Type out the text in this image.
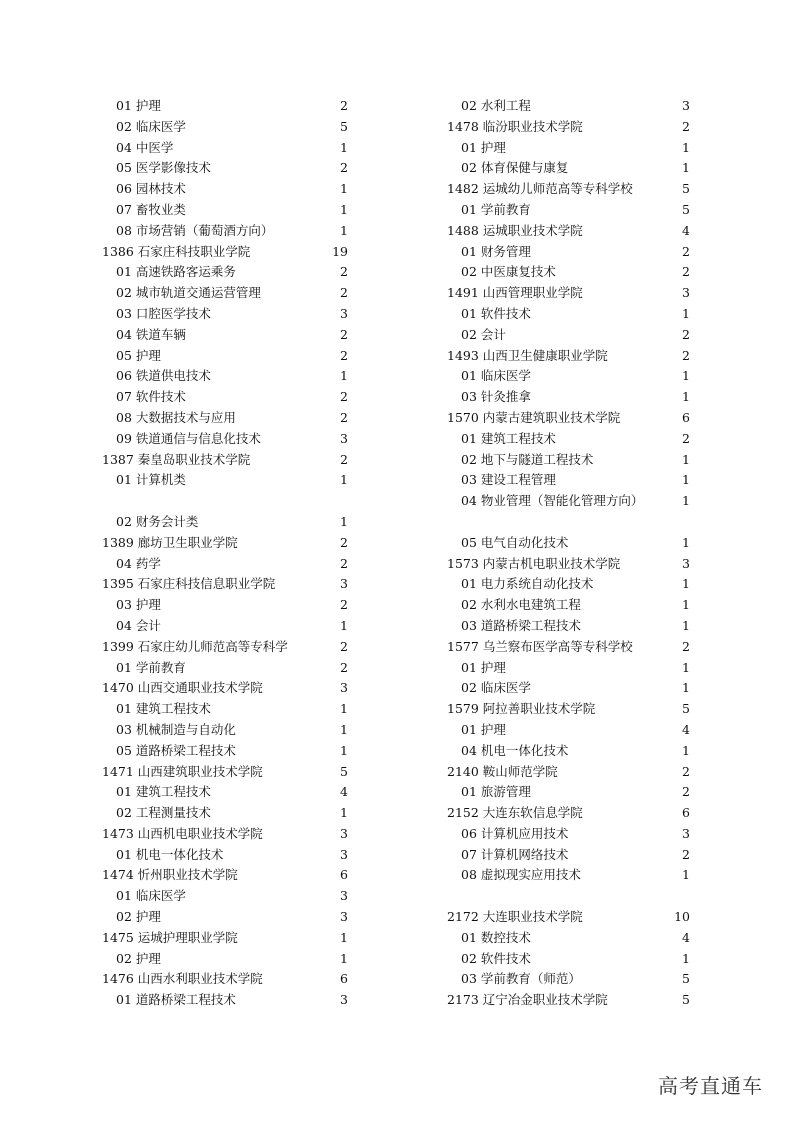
01 护理	2
02 临床医学	5
04 中医学	1
05 医学影像技术	2
06 园林技术	1
07 畜牧业类	1
08 市场营销（葡萄酒方向）	1
1386 石家庄科技职业学院	19
01 高速铁路客运乘务	2
02 城市轨道交通运营管理	2
03 口腔医学技术	3
04 铁道车辆	2
05 护理	2
06 铁道供电技术	1
07 软件技术	2
08 大数据技术与应用	2
09 铁道通信与信息化技术	3
1387 秦皇岛职业技术学院	2
01 计算机类	1
02 财务会计类	1
1389 廊坊卫生职业学院	2
04 药学	2
1395 石家庄科技信息职业学院	3
03 护理	2
04 会计	1
1399 石家庄幼儿师范高等专科学	2
01 学前教育	2
1470 山西交通职业技术学院	3
01 建筑工程技术	1
03 机械制造与自动化	1
05 道路桥梁工程技术	1
1471 山西建筑职业技术学院	5
01 建筑工程技术	4
02 工程测量技术	1
1473 山西机电职业技术学院	3
01 机电一体化技术	3
1474 忻州职业技术学院	6
01 临床医学	3
02 护理	3
1475 运城护理职业学院	1
02 护理	1
1476 山西水利职业技术学院	6
01 道路桥梁工程技术	3
02 水利工程	3
1478 临汾职业技术学院	2
01 护理	1
02 体育保健与康复	1
1482 运城幼儿师范高等专科学校	5
01 学前教育	5
1488 运城职业技术学院	4
01 财务管理	2
02 中医康复技术	2
1491 山西管理职业学院	3
01 软件技术	1
02 会计	2
1493 山西卫生健康职业学院	2
01 临床医学	1
03 针灸推拿	1
1570 内蒙古建筑职业技术学院	6
01 建筑工程技术	2
02 地下与隧道工程技术	1
03 建设工程管理	1
04 物业管理（智能化管理方向）	1
05 电气自动化技术	1
1573 内蒙古机电职业技术学院	3
01 电力系统自动化技术	1
02 水利水电建筑工程	1
03 道路桥梁工程技术	1
1577 乌兰察布医学高等专科学校	2
01 护理	1
02 临床医学	1
1579 阿拉善职业技术学院	5
01 护理	4
04 机电一体化技术	1
2140 鞍山师范学院	2
01 旅游管理	2
2152 大连东软信息学院	6
06 计算机应用技术	3
07 计算机网络技术	2
08 虚拟现实应用技术	1
2172 大连职业技术学院	10
01 数控技术	4
02 软件技术	1
03 学前教育（师范）	5
2173 辽宁冶金职业技术学院	5
高考直通车
